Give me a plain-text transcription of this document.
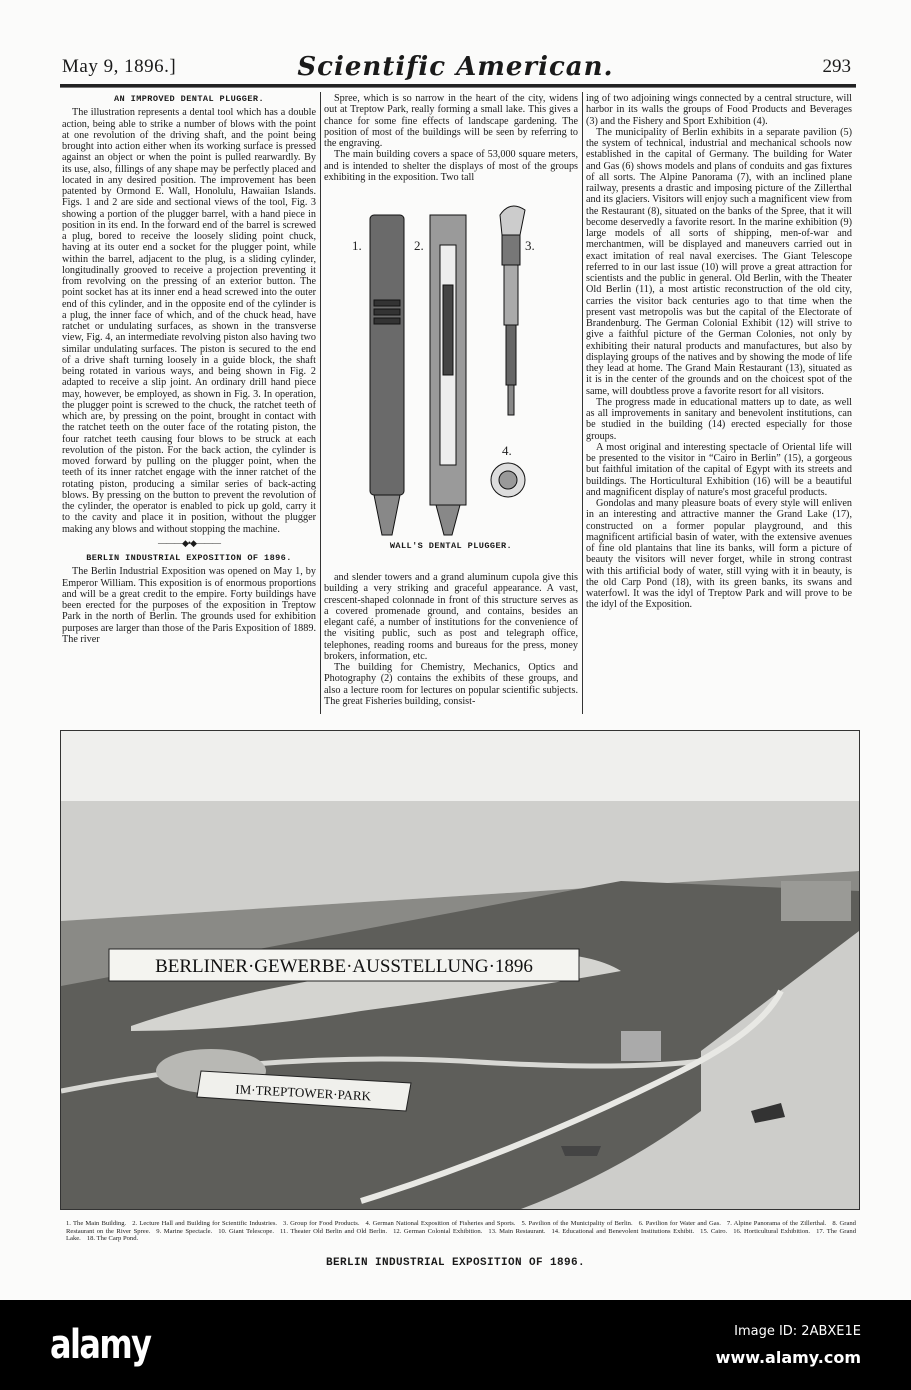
May 9, 1896.]	Scientific American.	293
AN IMPROVED DENTAL PLUGGER.

The illustration represents a dental tool which has a double action, being able to strike a number of blows with the point at one revolution of the driving shaft, and the point being brought into action either when its working surface is pressed against an object or when the point is pulled rearwardly. By its use, also, fillings of any shape may be perfectly placed and located in any desired position. The improvement has been patented by Ormond E. Wall, Honolulu, Hawaiian Islands. Figs. 1 and 2 are side and sectional views of the tool, Fig. 3 showing a portion of the plugger barrel, with a hand piece in position in its end. In the forward end of the barrel is screwed a plug, bored to receive the loosely sliding point chuck, having at its outer end a socket for the plugger point, while within the barrel, adjacent to the plug, is a sliding cylinder, longitudinally grooved to receive a projection preventing it from revolving on the pressing of an exterior button. The point socket has at its inner end a head screwed into the outer end of this cylinder, and in the opposite end of the cylinder is a plug, the inner face of which, and of the chuck head, have ratchet or undulating surfaces, as shown in the transverse view, Fig. 4, an intermediate revolving piston also having two similar undulating surfaces. The piston is secured to the end of a drive shaft turning loosely in a guide block, the shaft being rotated in various ways, and being shown in Fig. 2 adapted to receive a slip joint. An ordinary drill hand piece may, however, be employed, as shown in Fig. 3. In operation, the plugger point is screwed to the chuck, the ratchet teeth of which are, by pressing on the point, brought in contact with the ratchet teeth on the outer face of the rotating piston, the four ratchet teeth causing four blows to be struck at each revolution of the piston. For the back action, the cylinder is moved forward by pulling on the plugger point, when the teeth of its inner ratchet engage with the inner ratchet of the rotating piston, producing a similar series of back-acting blows. By pressing on the button to prevent the revolution of the cylinder, the operator is enabled to pick up gold, carry it to the cavity and place it in position, without the plugger making any blows and without stopping the machine.

———◆•◆———
BERLIN INDUSTRIAL EXPOSITION OF 1896.

The Berlin Industrial Exposition was opened on May 1, by Emperor William. This exposition is of enormous proportions and will be a great credit to the empire. Forty buildings have been erected for the purposes of the exposition in Treptow Park in the north of Berlin. The grounds used for exhibition purposes are larger than those of the Paris Exposition of 1889. The river

Spree, which is so narrow in the heart of the city, widens out at Treptow Park, really forming a small lake. This gives a chance for some fine effects of landscape gardening. The position of most of the buildings will be seen by referring to the engraving.

The main building covers a space of 53,000 square meters, and is intended to shelter the displays of most of the groups exhibiting in the exposition. Two tall

1.	2.	3.
4.
WALL'S DENTAL PLUGGER.

and slender towers and a grand aluminum cupola give this building a very striking and graceful appearance. A vast, crescent-shaped colonnade in front of this structure serves as a covered promenade ground, and contains, besides an elegant café, a number of institutions for the convenience of the visiting public, such as post and telegraph office, telephones, reading rooms and bureaus for the press, money brokers, information, etc.

The building for Chemistry, Mechanics, Optics and Photography (2) contains the exhibits of these groups, and also a lecture room for lectures on popular scientific subjects. The great Fisheries building, consist-

ing of two adjoining wings connected by a central structure, will harbor in its walls the groups of Food Products and Beverages (3) and the Fishery and Sport Exhibition (4).

The municipality of Berlin exhibits in a separate pavilion (5) the system of technical, industrial and mechanical schools now established in the capital of Germany. The building for Water and Gas (6) shows models and plans of conduits and gas fixtures of all sorts. The Alpine Panorama (7), with an inclined plane railway, presents a drastic and imposing picture of the Zillerthal and its glaciers. Visitors will enjoy such a magnificent view from the Restaurant (8), situated on the banks of the Spree, that it will become deservedly a favorite resort. In the marine exhibition (9) large models of all sorts of shipping, men-of-war and merchantmen, will be displayed and maneuvers carried out in exact imitation of real naval exercises. The Giant Telescope referred to in our last issue (10) will prove a great attraction for scientists and the public in general. Old Berlin, with the Theater Old Berlin (11), a most artistic reconstruction of the old city, carries the visitor back centuries ago to that time when the present vast metropolis was but the capital of the Electorate of Brandenburg. The German Colonial Exhibit (12) will strive to give a faithful picture of the German Colonies, not only by exhibiting their natural products and manufactures, but also by displaying groups of the natives and by showing the mode of life they lead at home. The Grand Main Restaurant (13), situated as it is in the center of the grounds and on the choicest spot of the same, will doubtless prove a favorite resort for all visitors.

The progress made in educational matters up to date, as well as all improvements in sanitary and benevolent institutions, can be studied in the building (14) erected especially for those groups.

A most original and interesting spectacle of Oriental life will be presented to the visitor in “Cairo in Berlin” (15), a gorgeous but faithful imitation of the capital of Egypt with its streets and buildings. The Horticultural Exhibition (16) will be a beautiful and magnificent display of nature's most graceful products.

Gondolas and many pleasure boats of every style will enliven in an interesting and attractive manner the Grand Lake (17), constructed on a former popular playground, and this magnificent artificial basin of water, with the extensive avenues of fine old plantains that line its banks, will form a picture of beauty the visitors will never forget, while in strong contrast with this artificial body of water, still vying with it in beauty, is the old Carp Pond (18), with its green banks, its swans and waterfowl. It was the idyl of Treptow Park and will prove to be the idyl of the Exposition.

BERLINER·GEWERBE·AUSSTELLUNG·1896
IM·TREPTOWER·PARK
1. The Main Building. 2. Lecture Hall and Building for Scientific Industries. 3. Group for Food Products. 4. German National Exposition of Fisheries and Sports. 5. Pavilion of the Municipality of Berlin. 6. Pavilion for Water and Gas. 7. Alpine Panorama of the Zillerthal. 8. Grand Restaurant on the River Spree. 9. Marine Spectacle. 10. Giant Telescope. 11. Theater Old Berlin and Old Berlin. 12. German Colonial Exhibition. 13. Main Restaurant. 14. Educational and Benevolent Institutions Exhibit. 15. Cairo. 16. Horticultural Exhibition. 17. The Grand Lake. 18. The Carp Pond.
BERLIN INDUSTRIAL EXPOSITION OF 1896.
alamy	Image ID: 2ABXE1E
www.alamy.com
